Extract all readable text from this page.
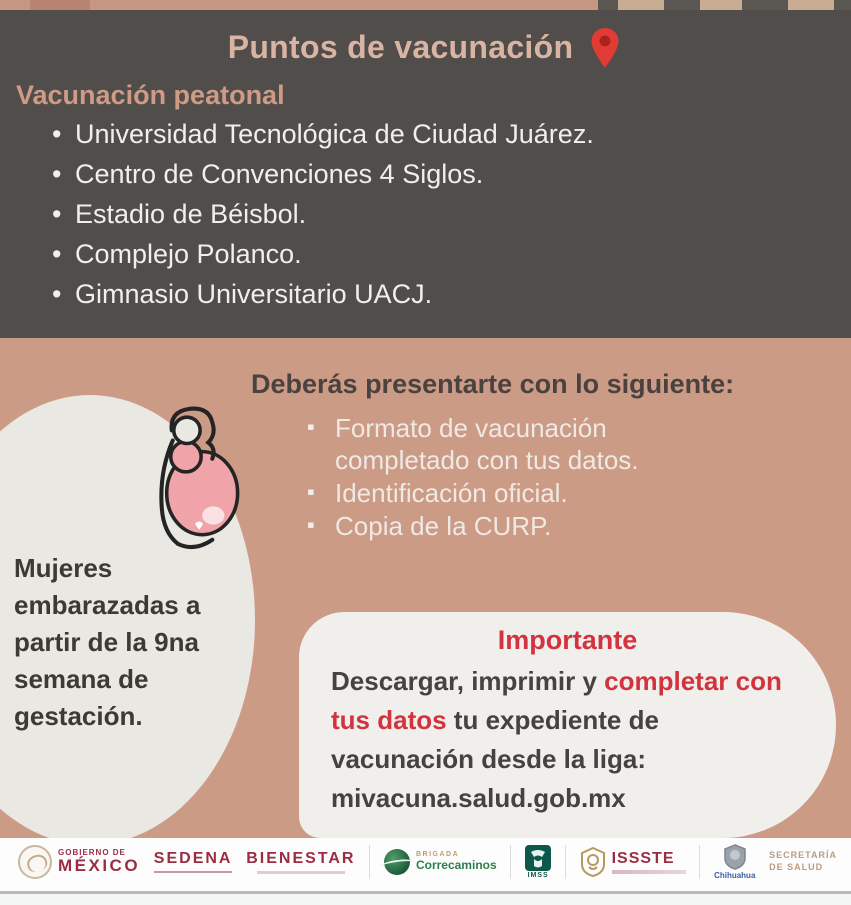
Puntos de vacunación
Vacunación peatonal
• Universidad Tecnológica de Ciudad Juárez.
• Centro de Convenciones 4 Siglos.
• Estadio de Béisbol.
• Complejo Polanco.
• Gimnasio Universitario UACJ.
Deberás presentarte con lo siguiente:
Mujeres embarazadas a partir de la 9na semana de gestación.
▪ Formato de vacunación completado con tus datos.
▪ Identificación oficial.
▪ Copia de la CURP.
Importante
Descargar, imprimir y completar con tus datos tu expediente de vacunación desde la liga: mivacuna.salud.gob.mx
GOBIERNO DE
MÉXICO SEDENA BIENESTAR	BRIGADA
Correcaminos
IMSS
ISSSTE
Chihuahua
SECRETARÍA
DE SALUD
